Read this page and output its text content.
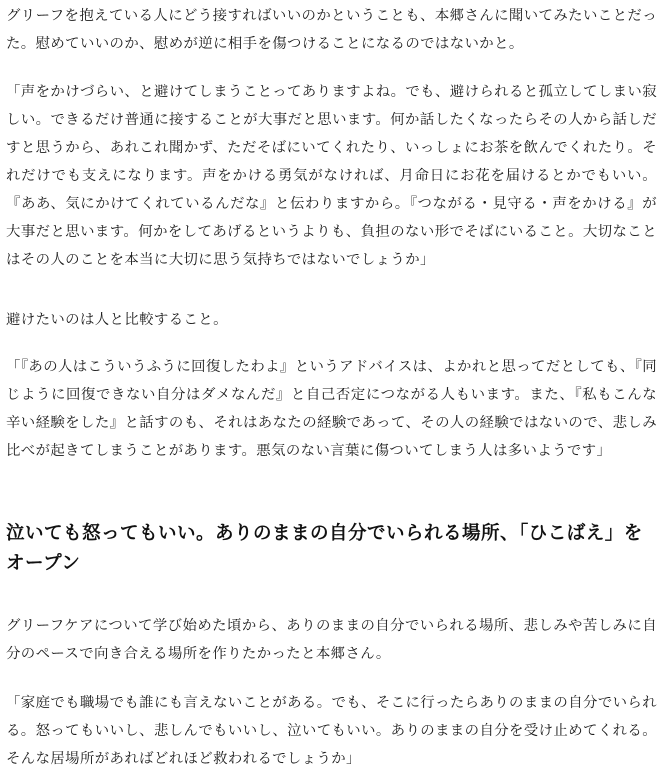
グリーフを抱えている人にどう接すればいいのかということも、本郷さんに聞いてみたいことだった。慰めていいのか、慰めが逆に相手を傷つけることになるのではないかと。

「声をかけづらい、と避けてしまうことってありますよね。でも、避けられると孤立してしまい寂しい。できるだけ普通に接することが大事だと思います。何か話したくなったらその人から話しだすと思うから、あれこれ聞かず、ただそばにいてくれたり、いっしょにお茶を飲んでくれたり。それだけでも支えになります。声をかける勇気がなければ、月命日にお花を届けるとかでもいい。『ああ、気にかけてくれているんだな』と伝わりますから。『つながる・見守る・声をかける』が大事だと思います。何かをしてあげるというよりも、負担のない形でそばにいること。大切なことはその人のことを本当に大切に思う気持ちではないでしょうか」

避けたいのは人と比較すること。

「『あの人はこういうふうに回復したわよ』というアドバイスは、よかれと思ってだとしても、『同じように回復できない自分はダメなんだ』と自己否定につながる人もいます。また、『私もこんな辛い経験をした』と話すのも、それはあなたの経験であって、その人の経験ではないので、悲しみ比べが起きてしまうことがあります。悪気のない言葉に傷ついてしまう人は多いようです」

泣いても怒ってもいい。ありのままの自分でいられる場所、「ひこばえ」をオープン

グリーフケアについて学び始めた頃から、ありのままの自分でいられる場所、悲しみや苦しみに自分のペースで向き合える場所を作りたかったと本郷さん。

「家庭でも職場でも誰にも言えないことがある。でも、そこに行ったらありのままの自分でいられる。怒ってもいいし、悲しんでもいいし、泣いてもいい。ありのままの自分を受け止めてくれる。そんな居場所があればどれほど救われるでしょうか」
